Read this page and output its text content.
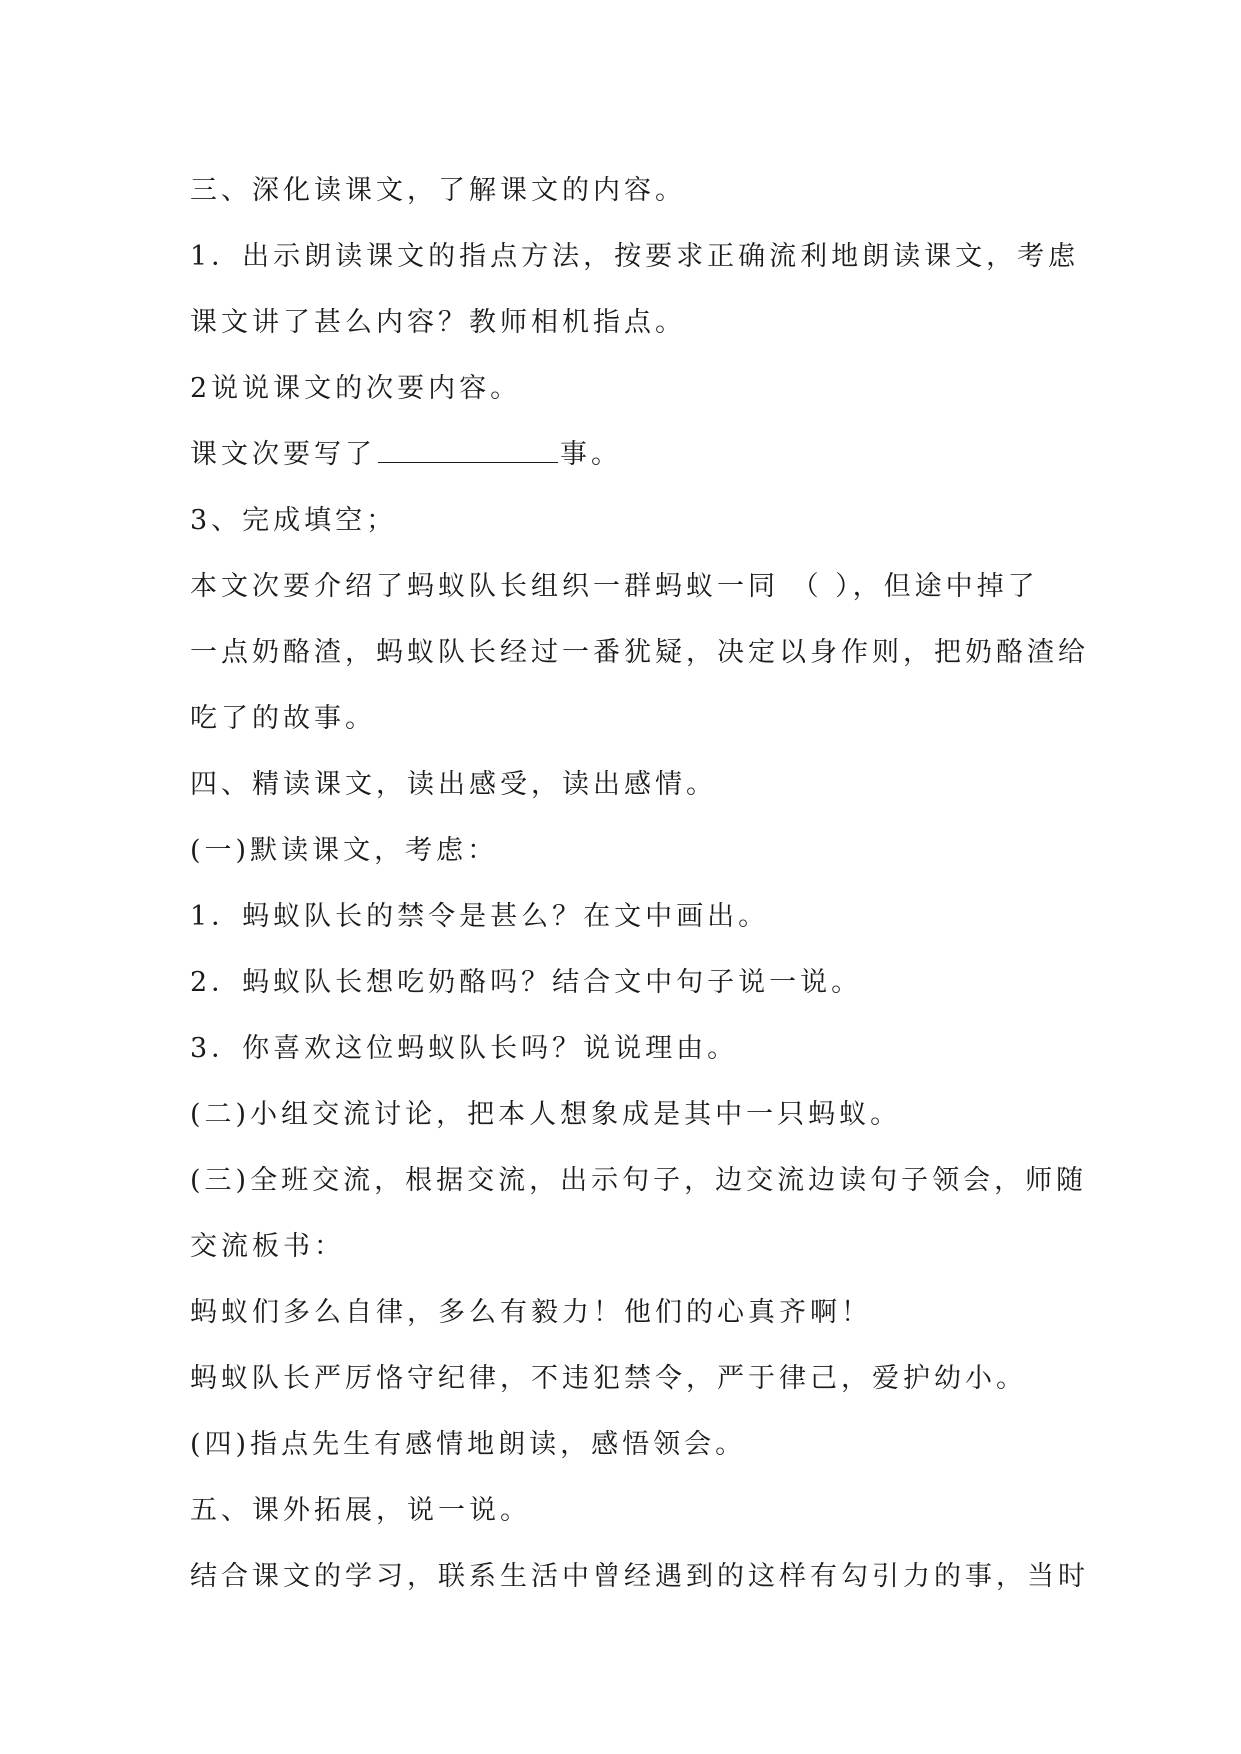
三、深化读课文，了解课文的内容。

1．出示朗读课文的指点方法，按要求正确流利地朗读课文，考虑

课文讲了甚么内容？教师相机指点。

2说说课文的次要内容。

课文次要写了	事。

3、完成填空；

本文次要介绍了蚂蚁队长组织一群蚂蚁一同 （ ），但途中掉了

一点奶酪渣，蚂蚁队长经过一番犹疑，决定以身作则，把奶酪渣给

吃了的故事。

四、精读课文，读出感受，读出感情。

(一)默读课文，考虑：

1．蚂蚁队长的禁令是甚么？在文中画出。

2．蚂蚁队长想吃奶酪吗？结合文中句子说一说。

3．你喜欢这位蚂蚁队长吗？说说理由。

(二)小组交流讨论，把本人想象成是其中一只蚂蚁。

(三)全班交流，根据交流，出示句子，边交流边读句子领会，师随

交流板书：

蚂蚁们多么自律，多么有毅力！他们的心真齐啊！

蚂蚁队长严厉恪守纪律，不违犯禁令，严于律己，爱护幼小。

(四)指点先生有感情地朗读，感悟领会。

五、课外拓展，说一说。

结合课文的学习，联系生活中曾经遇到的这样有勾引力的事，当时
